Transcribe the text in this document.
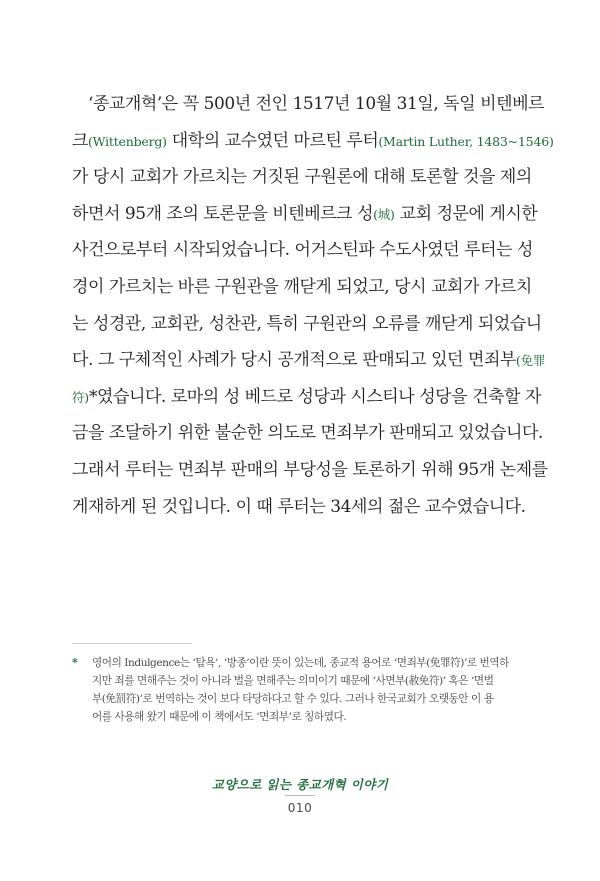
‘종교개혁’은 꼭 500년 전인 1517년 10월 31일, 독일 비텐베르
크(Wittenberg) 대학의 교수였던 마르틴 루터(Martin Luther, 1483~1546)
가 당시 교회가 가르치는 거짓된 구원론에 대해 토론할 것을 제의
하면서 95개 조의 토론문을 비텐베르크 성(城) 교회 정문에 게시한
사건으로부터 시작되었습니다. 어거스틴파 수도사였던 루터는 성
경이 가르치는 바른 구원관을 깨닫게 되었고, 당시 교회가 가르치
는 성경관, 교회관, 성찬관, 특히 구원관의 오류를 깨닫게 되었습니
다. 그 구체적인 사례가 당시 공개적으로 판매되고 있던 면죄부(免罪
符)*였습니다. 로마의 성 베드로 성당과 시스티나 성당을 건축할 자
금을 조달하기 위한 불순한 의도로 면죄부가 판매되고 있었습니다.
그래서 루터는 면죄부 판매의 부당성을 토론하기 위해 95개 논제를
게재하게 된 것입니다. 이 때 루터는 34세의 젊은 교수였습니다.
* 영어의 Indulgence는 ‘탐욕’, ‘방종’이란 뜻이 있는데, 종교적 용어로 ‘면죄부(免罪符)’로 번역하
지만 죄를 면해주는 것이 아니라 벌을 면해주는 의미이기 때문에 ‘사면부(赦免符)’ 혹은 ‘면벌
부(免罰符)’로 번역하는 것이 보다 타당하다고 할 수 있다. 그러나 한국교회가 오랫동안 이 용
어를 사용해 왔기 때문에 이 책에서도 ‘면죄부’로 칭하였다.
교양으로 읽는 종교개혁 이야기
010
